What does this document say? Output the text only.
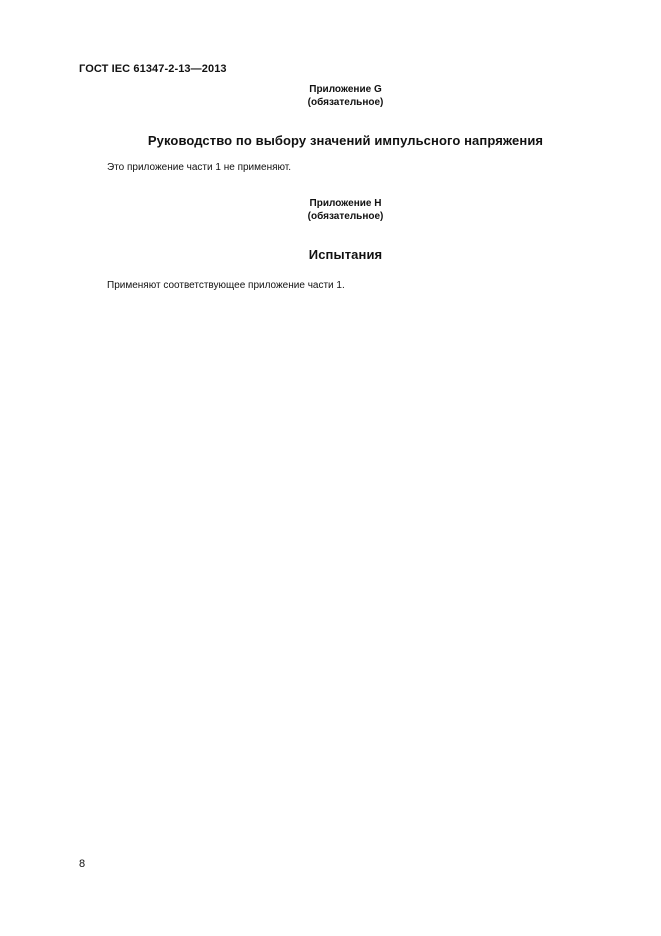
ГОСТ IEC 61347-2-13—2013
Приложение G
(обязательное)
Руководство по выбору значений импульсного напряжения
Это приложение части 1 не применяют.
Приложение H
(обязательное)
Испытания
Применяют соответствующее приложение части 1.
8
